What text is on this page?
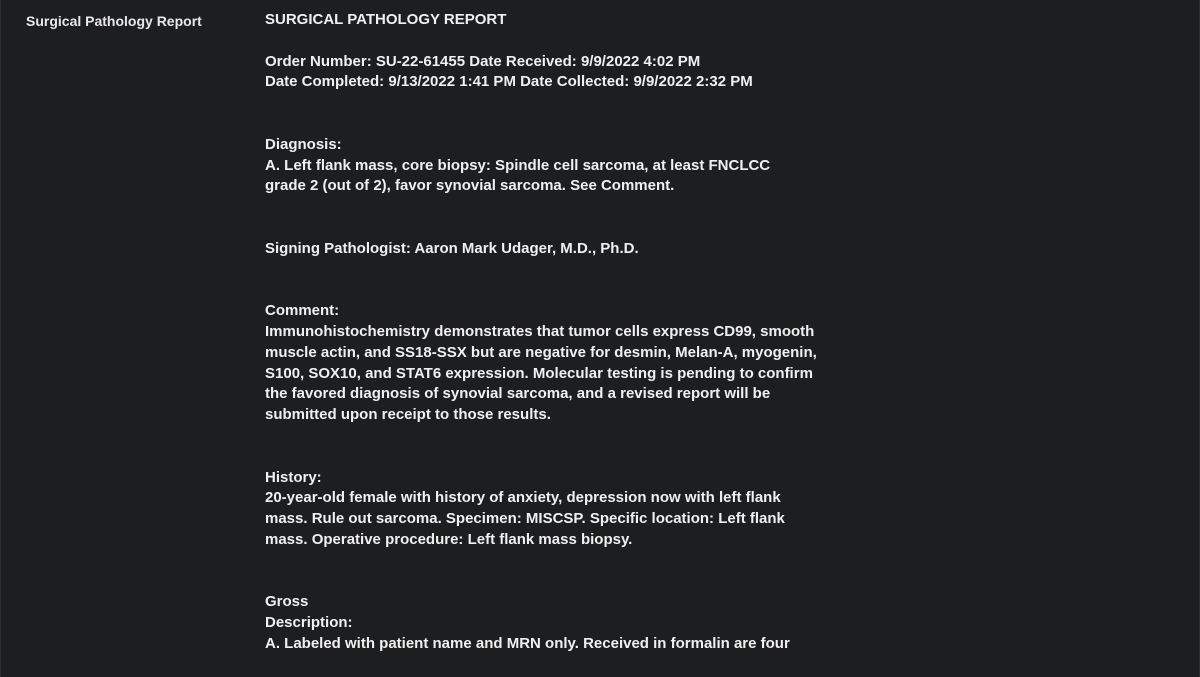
Surgical Pathology Report	SURGICAL PATHOLOGY REPORT
Order Number: SU-22-61455 Date Received: 9/9/2022 4:02 PM
Date Completed: 9/13/2022 1:41 PM Date Collected: 9/9/2022 2:32 PM
Diagnosis:
A. Left flank mass, core biopsy: Spindle cell sarcoma, at least FNCLCC
grade 2 (out of 2), favor synovial sarcoma. See Comment.
Signing Pathologist: Aaron Mark Udager, M.D., Ph.D.
Comment:
Immunohistochemistry demonstrates that tumor cells express CD99, smooth
muscle actin, and SS18-SSX but are negative for desmin, Melan-A, myogenin,
S100, SOX10, and STAT6 expression. Molecular testing is pending to confirm
the favored diagnosis of synovial sarcoma, and a revised report will be
submitted upon receipt to those results.
History:
20-year-old female with history of anxiety, depression now with left flank
mass. Rule out sarcoma. Specimen: MISCSP. Specific location: Left flank
mass. Operative procedure: Left flank mass biopsy.
Gross
Description:
A. Labeled with patient name and MRN only. Received in formalin are four
